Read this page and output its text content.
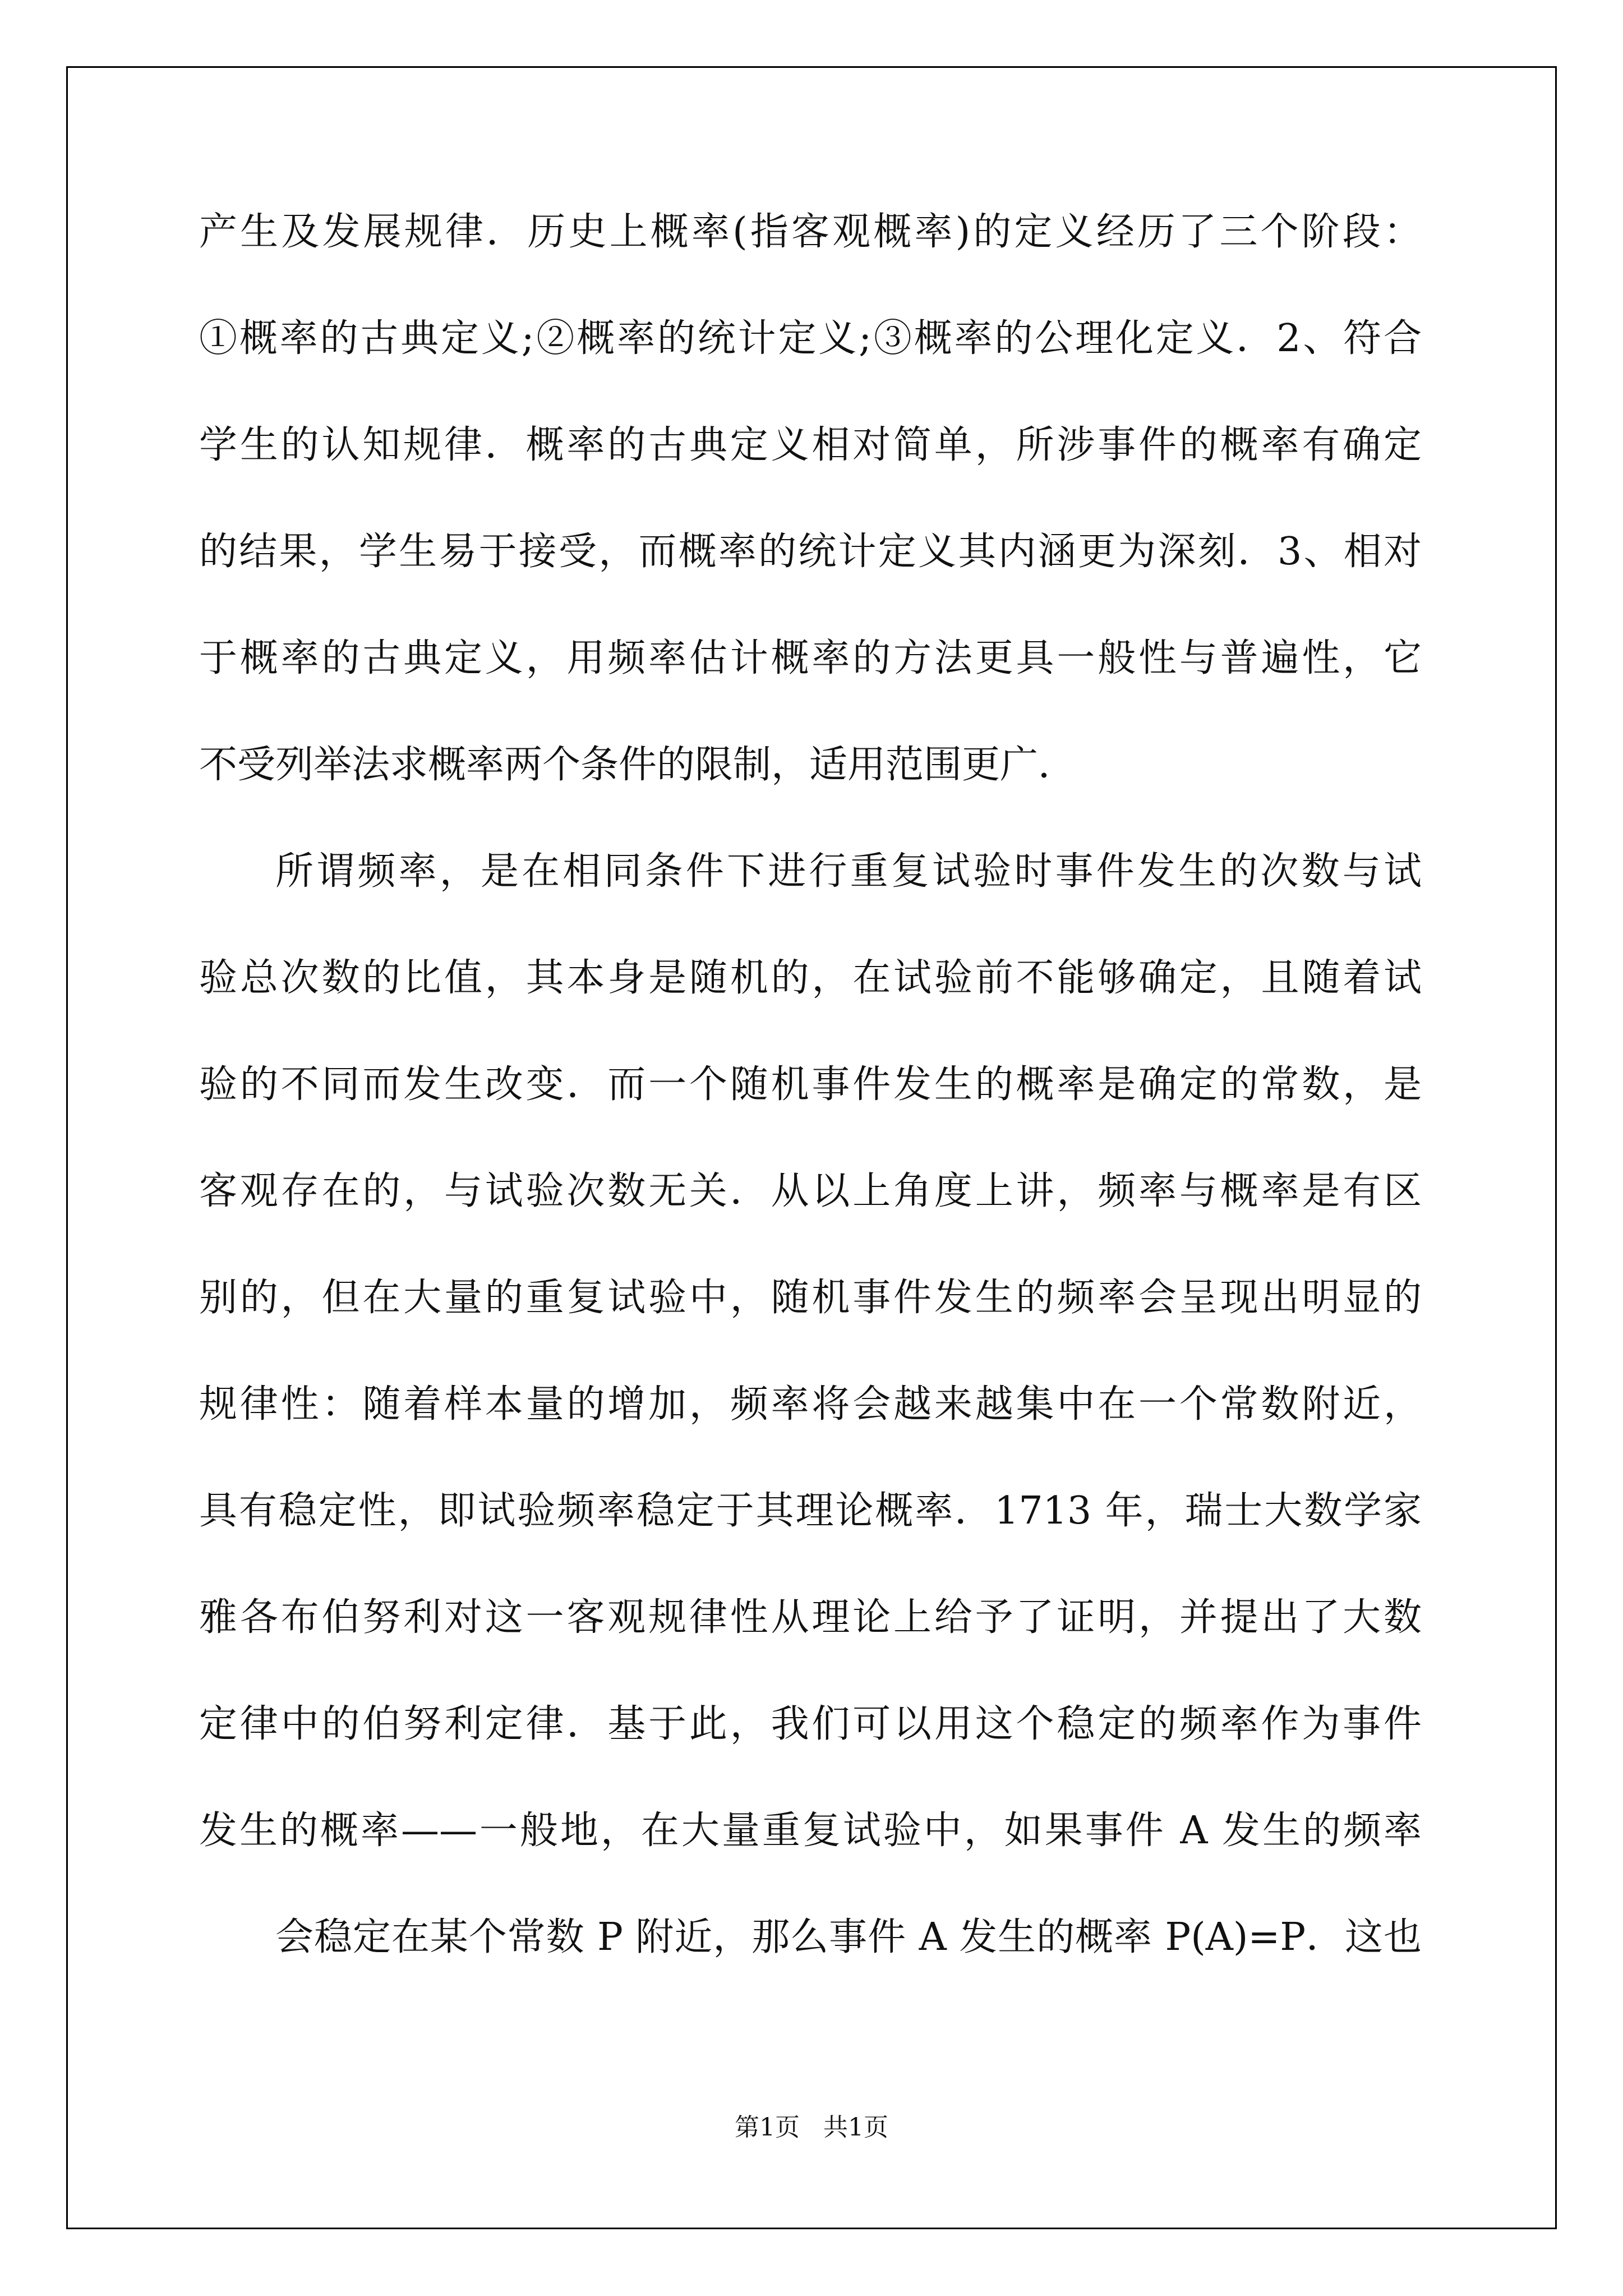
产生及发展规律．历史上概率(指客观概率)的定义经历了三个阶段：
①概率的古典定义;②概率的统计定义;③概率的公理化定义．2、符合
学生的认知规律．概率的古典定义相对简单，所涉事件的概率有确定
的结果，学生易于接受，而概率的统计定义其内涵更为深刻．3、相对
于概率的古典定义，用频率估计概率的方法更具一般性与普遍性，它
不受列举法求概率两个条件的限制，适用范围更广．
所谓频率，是在相同条件下进行重复试验时事件发生的次数与试
验总次数的比值，其本身是随机的，在试验前不能够确定，且随着试
验的不同而发生改变．而一个随机事件发生的概率是确定的常数，是
客观存在的，与试验次数无关．从以上角度上讲，频率与概率是有区
别的，但在大量的重复试验中，随机事件发生的频率会呈现出明显的
规律性：随着样本量的增加，频率将会越来越集中在一个常数附近，
具有稳定性，即试验频率稳定于其理论概率．1713 年，瑞士大数学家
雅各布伯努利对这一客观规律性从理论上给予了证明，并提出了大数
定律中的伯努利定律．基于此，我们可以用这个稳定的频率作为事件
发生的概率——一般地，在大量重复试验中，如果事件 A 发生的频率
会稳定在某个常数 P 附近，那么事件 A 发生的概率 P(A)=P．这也
第1页   共1页
